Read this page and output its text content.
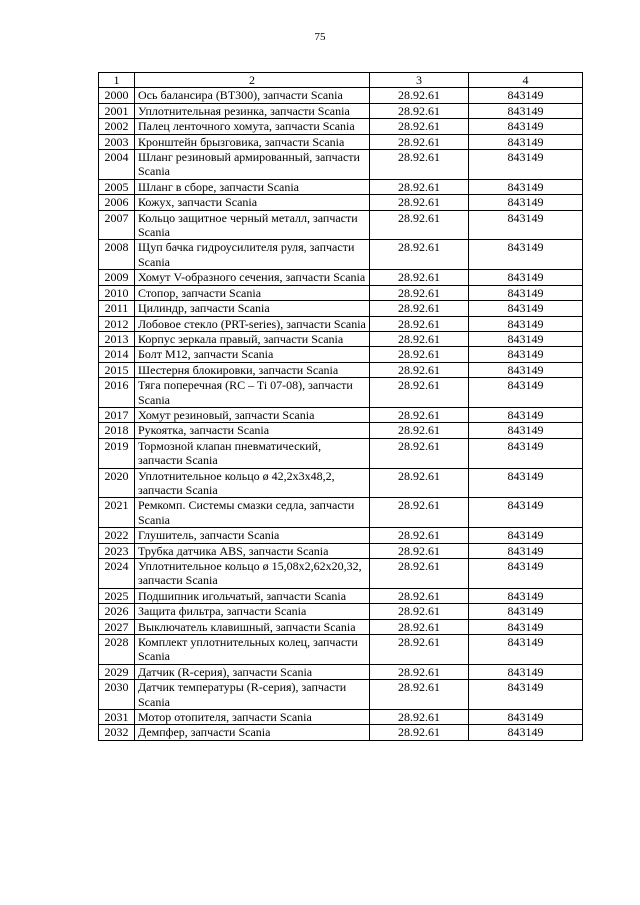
75
1	2	3	4
2000	Ось балансира (BT300), запчасти Scania	28.92.61	843149
2001	Уплотнительная резинка, запчасти Scania	28.92.61	843149
2002	Палец ленточного хомута, запчасти Scania	28.92.61	843149
2003	Кронштейн брызговика, запчасти Scania	28.92.61	843149
2004	Шланг резиновый армированный, запчасти Scania	28.92.61	843149
2005	Шланг в сборе, запчасти Scania	28.92.61	843149
2006	Кожух, запчасти Scania	28.92.61	843149
2007	Кольцо защитное черный металл, запчасти Scania	28.92.61	843149
2008	Щуп бачка гидроусилителя руля, запчасти Scania	28.92.61	843149
2009	Хомут V-образного сечения, запчасти Scania	28.92.61	843149
2010	Стопор, запчасти Scania	28.92.61	843149
2011	Цилиндр, запчасти Scania	28.92.61	843149
2012	Лобовое стекло (PRT-series), запчасти Scania	28.92.61	843149
2013	Корпус зеркала правый, запчасти Scania	28.92.61	843149
2014	Болт M12, запчасти Scania	28.92.61	843149
2015	Шестерня блокировки, запчасти Scania	28.92.61	843149
2016	Тяга поперечная (RC – Ti 07-08), запчасти Scania	28.92.61	843149
2017	Хомут резиновый, запчасти Scania	28.92.61	843149
2018	Рукоятка, запчасти Scania	28.92.61	843149
2019	Тормозной клапан пневматический, запчасти Scania	28.92.61	843149
2020	Уплотнительное кольцо ø 42,2x3x48,2, запчасти Scania	28.92.61	843149
2021	Ремкомп. Системы смазки седла, запчасти Scania	28.92.61	843149
2022	Глушитель, запчасти Scania	28.92.61	843149
2023	Трубка датчика ABS, запчасти Scania	28.92.61	843149
2024	Уплотнительное кольцо ø 15,08x2,62x20,32, запчасти Scania	28.92.61	843149
2025	Подшипник игольчатый, запчасти Scania	28.92.61	843149
2026	Защита фильтра, запчасти Scania	28.92.61	843149
2027	Выключатель клавишный, запчасти Scania	28.92.61	843149
2028	Комплект уплотнительных колец, запчасти Scania	28.92.61	843149
2029	Датчик (R-серия), запчасти Scania	28.92.61	843149
2030	Датчик температуры (R-серия), запчасти Scania	28.92.61	843149
2031	Мотор отопителя, запчасти Scania	28.92.61	843149
2032	Демпфер, запчасти Scania	28.92.61	843149
